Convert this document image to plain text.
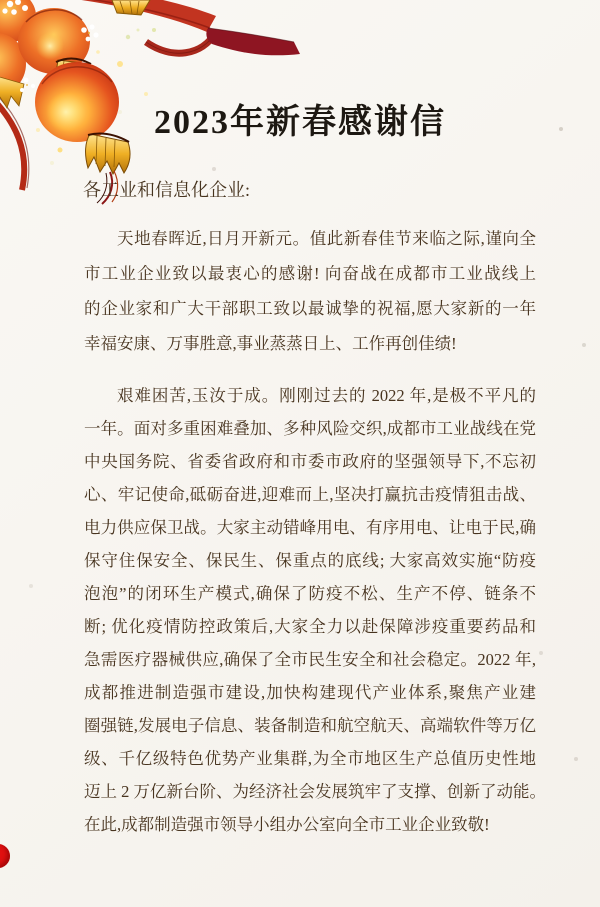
2023年新春感谢信
各工业和信息化企业:
天地春晖近,日月开新元。值此新春佳节来临之际,谨向全
市工业企业致以最衷心的感谢! 向奋战在成都市工业战线上
的企业家和广大干部职工致以最诚挚的祝福,愿大家新的一年
幸福安康、万事胜意,事业蒸蒸日上、工作再创佳绩!
艰难困苦,玉汝于成。刚刚过去的 2022 年,是极不平凡的
一年。面对多重困难叠加、多种风险交织,成都市工业战线在党
中央国务院、省委省政府和市委市政府的坚强领导下,不忘初
心、牢记使命,砥砺奋进,迎难而上,坚决打赢抗击疫情狙击战、
电力供应保卫战。大家主动错峰用电、有序用电、让电于民,确
保守住保安全、保民生、保重点的底线; 大家高效实施“防疫
泡泡”的闭环生产模式,确保了防疫不松、生产不停、链条不
断; 优化疫情防控政策后,大家全力以赴保障涉疫重要药品和
急需医疗器械供应,确保了全市民生安全和社会稳定。2022 年,
成都推进制造强市建设,加快构建现代产业体系,聚焦产业建
圈强链,发展电子信息、装备制造和航空航天、高端软件等万亿
级、千亿级特色优势产业集群,为全市地区生产总值历史性地
迈上 2 万亿新台阶、为经济社会发展筑牢了支撑、创新了动能。
在此,成都制造强市领导小组办公室向全市工业企业致敬!
